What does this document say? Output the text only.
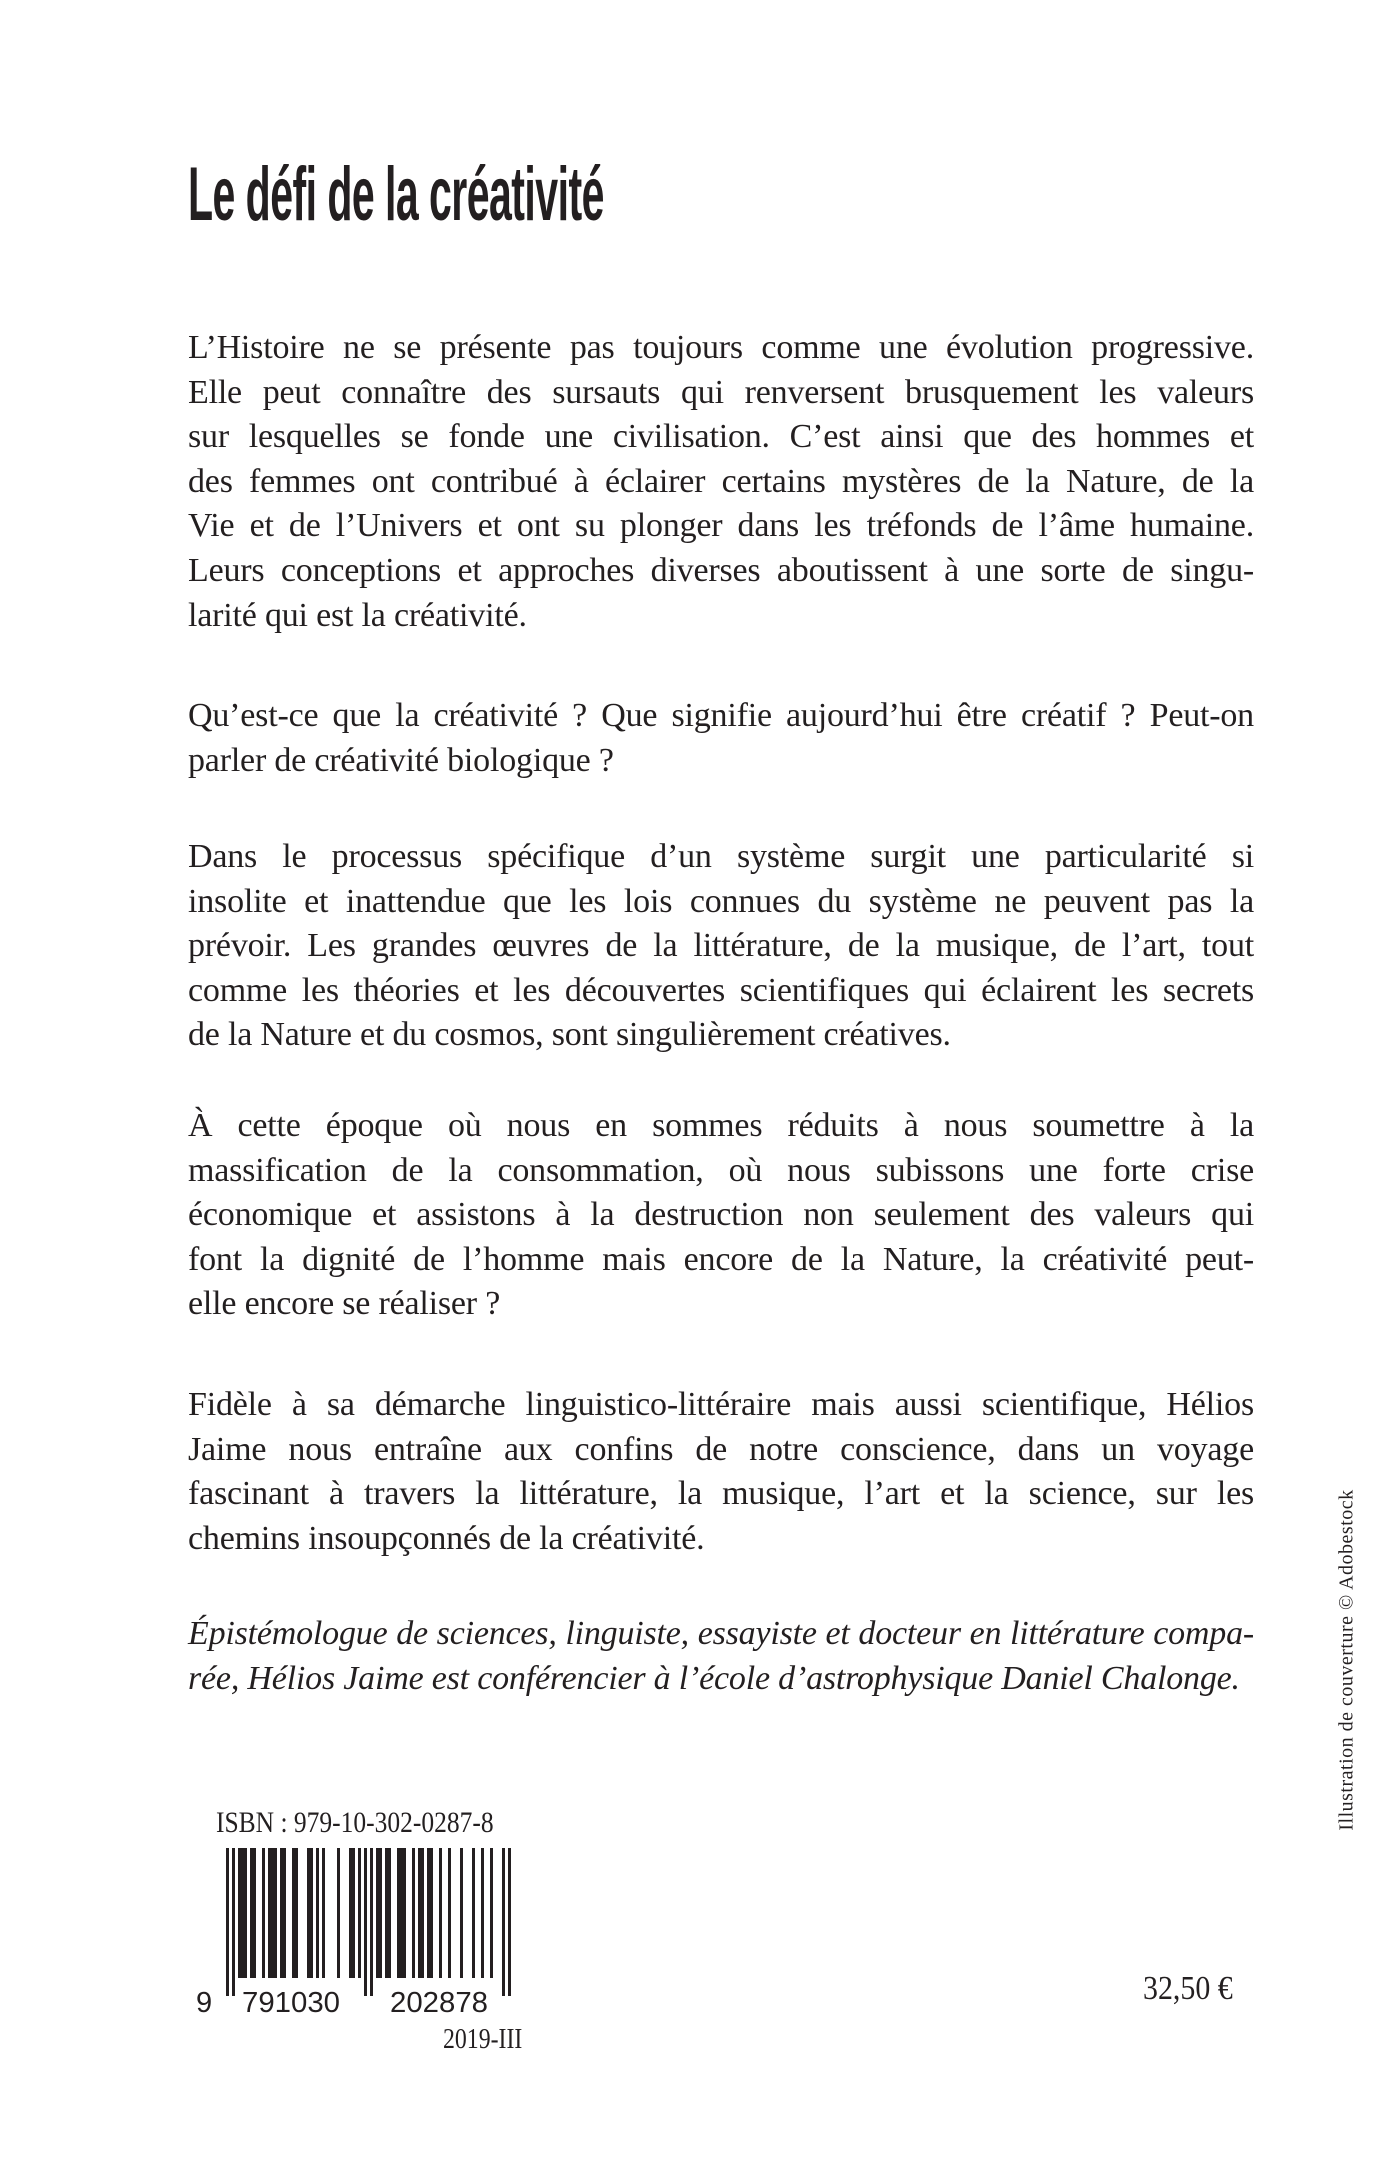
Le défi de la créativité
L’Histoire ne se présente pas toujours comme une évolution progressive.
Elle peut connaître des sursauts qui renversent brusquement les valeurs
sur lesquelles se fonde une civilisation. C’est ainsi que des hommes et
des femmes ont contribué à éclairer certains mystères de la Nature, de la
Vie et de l’Univers et ont su plonger dans les tréfonds de l’âme humaine.
Leurs conceptions et approches diverses aboutissent à une sorte de singu-
larité qui est la créativité.
Qu’est-ce que la créativité ? Que signifie aujourd’hui être créatif ? Peut-on
parler de créativité biologique ?
Dans le processus spécifique d’un système surgit une particularité si
insolite et inattendue que les lois connues du système ne peuvent pas la
prévoir. Les grandes œuvres de la littérature, de la musique, de l’art, tout
comme les théories et les découvertes scientifiques qui éclairent les secrets
de la Nature et du cosmos, sont singulièrement créatives.
À cette époque où nous en sommes réduits à nous soumettre à la
massification de la consommation, où nous subissons une forte crise
économique et assistons à la destruction non seulement des valeurs qui
font la dignité de l’homme mais encore de la Nature, la créativité peut-
elle encore se réaliser ?
Fidèle à sa démarche linguistico-littéraire mais aussi scientifique, Hélios
Jaime nous entraîne aux confins de notre conscience, dans un voyage
fascinant à travers la littérature, la musique, l’art et la science, sur les
chemins insoupçonnés de la créativité.
Épistémologue de sciences, linguiste, essayiste et docteur en littérature compa-
rée, Hélios Jaime est conférencier à l’école d’astrophysique Daniel Chalonge.	Illustration de couverture © Adobestock
ISBN : 979-10-302-0287-8
9 791030 202878	32,50 €
2019-III
